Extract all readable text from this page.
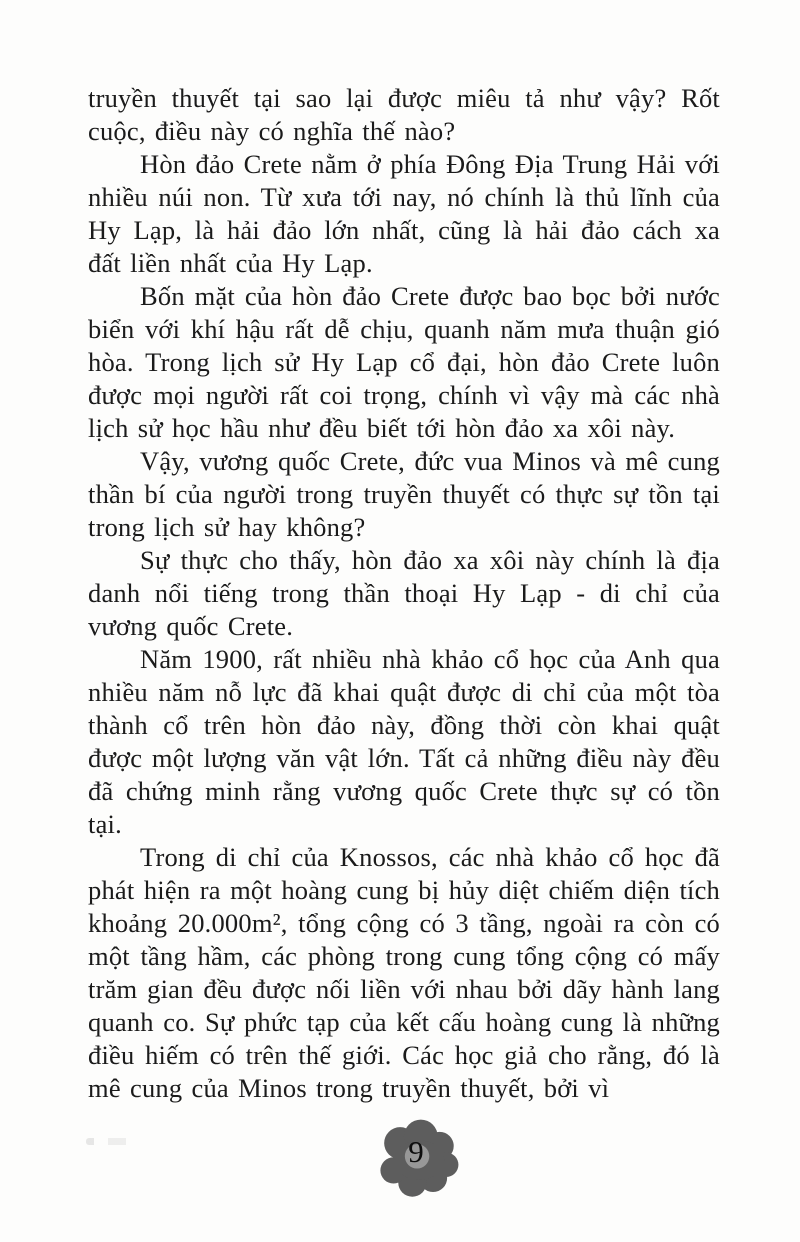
truyền thuyết tại sao lại được miêu tả như vậy? Rốt cuộc, điều này có nghĩa thế nào?

Hòn đảo Crete nằm ở phía Đông Địa Trung Hải với nhiều núi non. Từ xưa tới nay, nó chính là thủ lĩnh của Hy Lạp, là hải đảo lớn nhất, cũng là hải đảo cách xa đất liền nhất của Hy Lạp.

Bốn mặt của hòn đảo Crete được bao bọc bởi nước biển với khí hậu rất dễ chịu, quanh năm mưa thuận gió hòa. Trong lịch sử Hy Lạp cổ đại, hòn đảo Crete luôn được mọi người rất coi trọng, chính vì vậy mà các nhà lịch sử học hầu như đều biết tới hòn đảo xa xôi này.

Vậy, vương quốc Crete, đức vua Minos và mê cung thần bí của người trong truyền thuyết có thực sự tồn tại trong lịch sử hay không?

Sự thực cho thấy, hòn đảo xa xôi này chính là địa danh nổi tiếng trong thần thoại Hy Lạp - di chỉ của vương quốc Crete.

Năm 1900, rất nhiều nhà khảo cổ học của Anh qua nhiều năm nỗ lực đã khai quật được di chỉ của một tòa thành cổ trên hòn đảo này, đồng thời còn khai quật được một lượng văn vật lớn. Tất cả những điều này đều đã chứng minh rằng vương quốc Crete thực sự có tồn tại.

Trong di chỉ của Knossos, các nhà khảo cổ học đã phát hiện ra một hoàng cung bị hủy diệt chiếm diện tích khoảng 20.000m², tổng cộng có 3 tầng, ngoài ra còn có một tầng hầm, các phòng trong cung tổng cộng có mấy trăm gian đều được nối liền với nhau bởi dãy hành lang quanh co. Sự phức tạp của kết cấu hoàng cung là những điều hiếm có trên thế giới. Các học giả cho rằng, đó là mê cung của Minos trong truyền thuyết, bởi vì

9
